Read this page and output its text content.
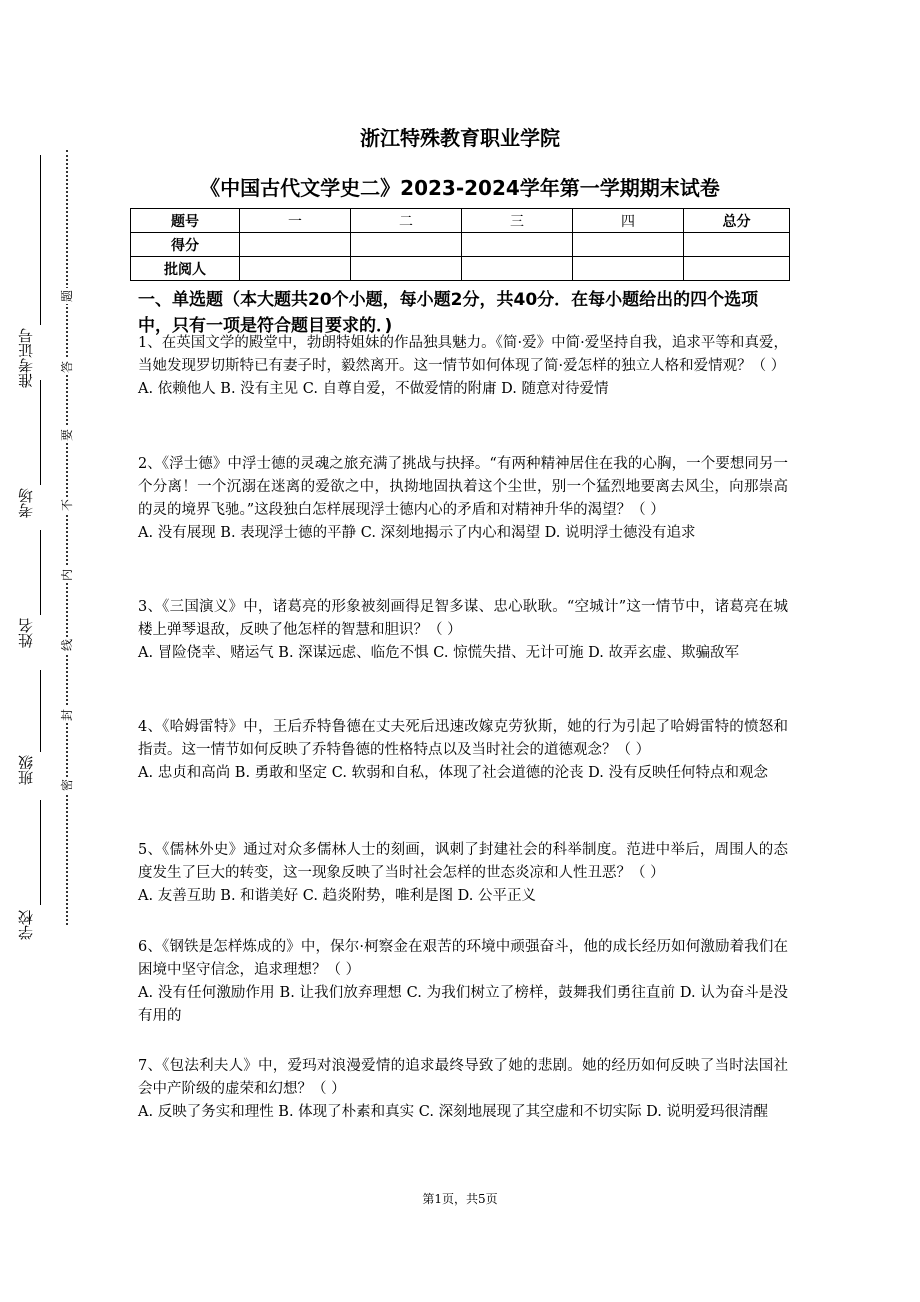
准考证号
考场
姓名
班级
学校
题
答
要
不
内
线
封
密
浙江特殊教育职业学院
《中国古代文学史二》2023-2024学年第一学期期末试卷
题号	一	二	三	四	总分
得分					
批阅人					
一、单选题（本大题共20个小题，每小题2分，共40分．在每小题给出的四个选项中，只有一项是符合题目要求的．)

1、在英国文学的殿堂中，勃朗特姐妹的作品独具魅力。《简·爱》中简·爱坚持自我，追求平等和真爱，当她发现罗切斯特已有妻子时，毅然离开。这一情节如何体现了简·爱怎样的独立人格和爱情观？（ ）

A. 依赖他人 B. 没有主见 C. 自尊自爱，不做爱情的附庸 D. 随意对待爱情

2、《浮士德》中浮士德的灵魂之旅充满了挑战与抉择。“有两种精神居住在我的心胸，一个要想同另一个分离！一个沉溺在迷离的爱欲之中，执拗地固执着这个尘世，别一个猛烈地要离去风尘，向那崇高的灵的境界飞驰。”这段独白怎样展现浮士德内心的矛盾和对精神升华的渴望？（ ）

A. 没有展现 B. 表现浮士德的平静 C. 深刻地揭示了内心和渴望 D. 说明浮士德没有追求

3、《三国演义》中，诸葛亮的形象被刻画得足智多谋、忠心耿耿。“空城计”这一情节中，诸葛亮在城楼上弹琴退敌，反映了他怎样的智慧和胆识？（ ）

A. 冒险侥幸、赌运气 B. 深谋远虑、临危不惧 C. 惊慌失措、无计可施 D. 故弄玄虚、欺骗敌军

4、《哈姆雷特》中，王后乔特鲁德在丈夫死后迅速改嫁克劳狄斯，她的行为引起了哈姆雷特的愤怒和指责。这一情节如何反映了乔特鲁德的性格特点以及当时社会的道德观念？（ ）

A. 忠贞和高尚 B. 勇敢和坚定 C. 软弱和自私，体现了社会道德的沦丧 D. 没有反映任何特点和观念

5、《儒林外史》通过对众多儒林人士的刻画，讽刺了封建社会的科举制度。范进中举后，周围人的态度发生了巨大的转变，这一现象反映了当时社会怎样的世态炎凉和人性丑恶？（ ）

A. 友善互助 B. 和谐美好 C. 趋炎附势，唯利是图 D. 公平正义

6、《钢铁是怎样炼成的》中，保尔·柯察金在艰苦的环境中顽强奋斗，他的成长经历如何激励着我们在困境中坚守信念，追求理想？（ ）

A. 没有任何激励作用 B. 让我们放弃理想 C. 为我们树立了榜样，鼓舞我们勇往直前 D. 认为奋斗是没有用的

7、《包法利夫人》中，爱玛对浪漫爱情的追求最终导致了她的悲剧。她的经历如何反映了当时法国社会中产阶级的虚荣和幻想？（ ）

A. 反映了务实和理性 B. 体现了朴素和真实 C. 深刻地展现了其空虚和不切实际 D. 说明爱玛很清醒

第1页，共5页
